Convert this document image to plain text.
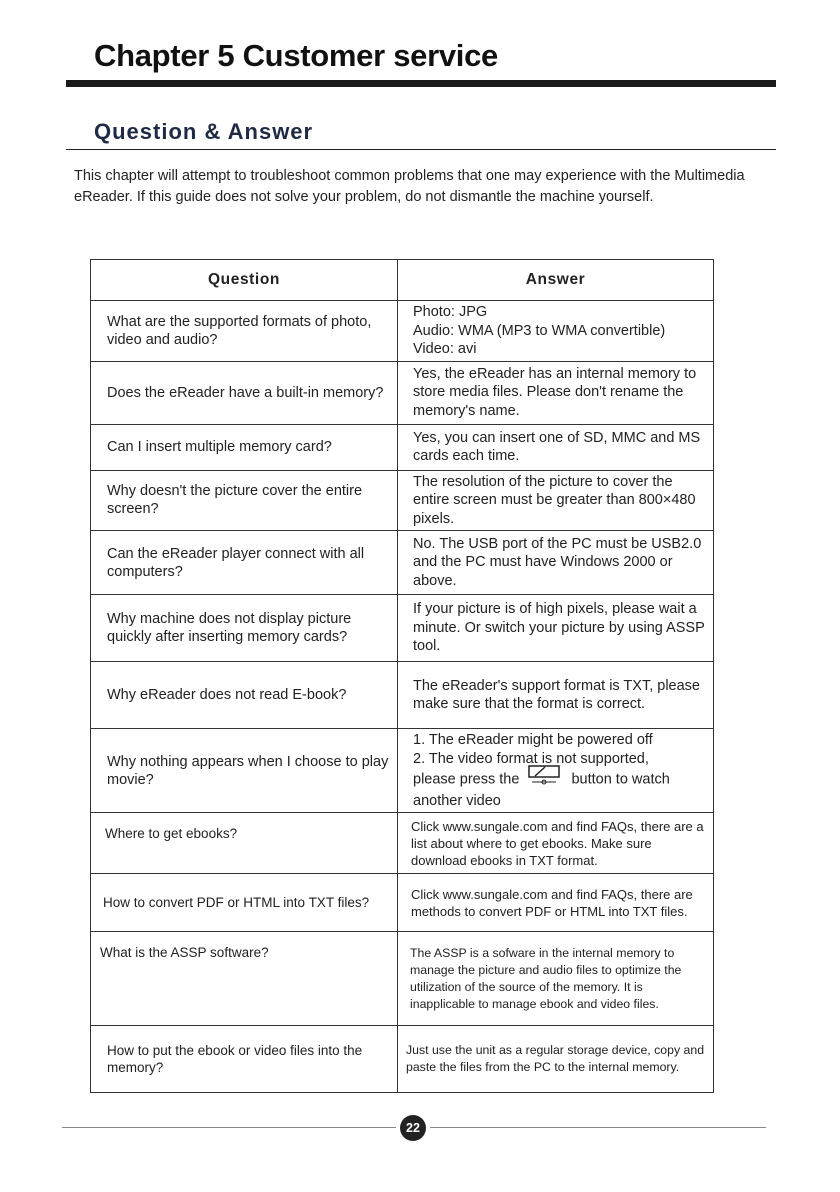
Chapter 5 Customer service
Question & Answer

This chapter will attempt to troubleshoot common problems that one may experience with the Multimedia eReader. If this guide does not solve your problem, do not dismantle the machine yourself.

Question	Answer
What are the supported formats of photo, video and audio?	Photo: JPG
Audio: WMA (MP3 to WMA convertible)
Video: avi
Does the eReader have a built-in memory?	Yes, the eReader has an internal memory to store media files. Please don't rename the memory's name.
Can I insert multiple memory card?	Yes, you can insert one of SD, MMC and MS cards each time.
Why doesn't the picture cover the entire screen?	The resolution of the picture to cover the entire screen must be greater than 800×480 pixels.
Can the eReader player connect with all computers?	No. The USB port of the PC must be USB2.0 and the PC must have Windows 2000 or above.
Why machine does not display picture quickly after inserting memory cards?	If your picture is of high pixels, please wait a minute. Or switch your picture by using ASSP tool.
Why eReader does not read E-book?	The eReader's support format is TXT, please make sure that the format is correct.
Why nothing appears when I choose to play movie?	1. The eReader might be powered off
2. The video format is not supported,
please press the button to watch
another video

Where to get ebooks?	Click www.sungale.com and find FAQs, there are a list about where to get ebooks. Make sure download ebooks in TXT format.
How to convert PDF or HTML into TXT files?	Click www.sungale.com and find FAQs, there are methods to convert PDF or HTML into TXT files.
What is the ASSP software?	The ASSP is a sofware in the internal memory to manage the picture and audio files to optimize the utilization of the source of the memory. It is inapplicable to manage ebook and video files.
How to put the ebook or video files into the memory?	Just use the unit as a regular storage device, copy and paste the files from the PC to the internal memory.
22
